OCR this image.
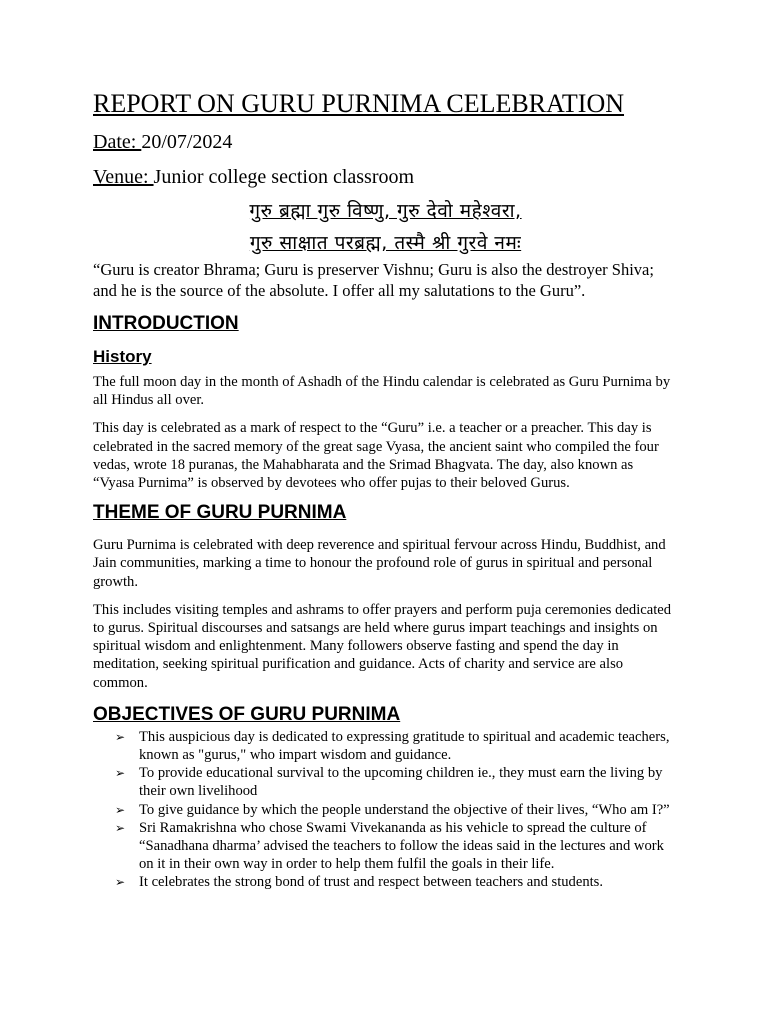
REPORT ON GURU PURNIMA CELEBRATION

Date: 20/07/2024

Venue: Junior college section classroom

गुरु ब्रह्मा गुरु विष्णु, गुरु देवो महेश्वरा,

गुरु साक्षात परब्रह्म, तस्मै श्री गुरवे नमः

“Guru is creator Bhrama; Guru is preserver Vishnu; Guru is also the destroyer Shiva; and he is the source of the absolute. I offer all my salutations to the Guru”.

INTRODUCTION
History

The full moon day in the month of Ashadh of the Hindu calendar is celebrated as Guru Purnima by all Hindus all over.

This day is celebrated as a mark of respect to the “Guru” i.e. a teacher or a preacher. This day is celebrated in the sacred memory of the great sage Vyasa, the ancient saint who compiled the four vedas, wrote 18 puranas, the Mahabharata and the Srimad Bhagvata. The day, also known as “Vyasa Purnima” is observed by devotees who offer pujas to their beloved Gurus.

THEME OF GURU PURNIMA

Guru Purnima is celebrated with deep reverence and spiritual fervour across Hindu, Buddhist, and Jain communities, marking a time to honour the profound role of gurus in spiritual and personal growth.

This includes visiting temples and ashrams to offer prayers and perform puja ceremonies dedicated to gurus. Spiritual discourses and satsangs are held where gurus impart teachings and insights on spiritual wisdom and enlightenment. Many followers observe fasting and spend the day in meditation, seeking spiritual purification and guidance. Acts of charity and service are also common.

OBJECTIVES OF GURU PURNIMA
➢ This auspicious day is dedicated to expressing gratitude to spiritual and academic teachers, known as "gurus," who impart wisdom and guidance.
➢ To provide educational survival to the upcoming children ie., they must earn the living by their own livelihood
➢ To give guidance by which the people understand the objective of their lives, “Who am I?”
➢ Sri Ramakrishna who chose Swami Vivekananda as his vehicle to spread the culture of “Sanadhana dharma’ advised the teachers to follow the ideas said in the lectures and work on it in their own way in order to help them fulfil the goals in their life.
➢ It celebrates the strong bond of trust and respect between teachers and students.
